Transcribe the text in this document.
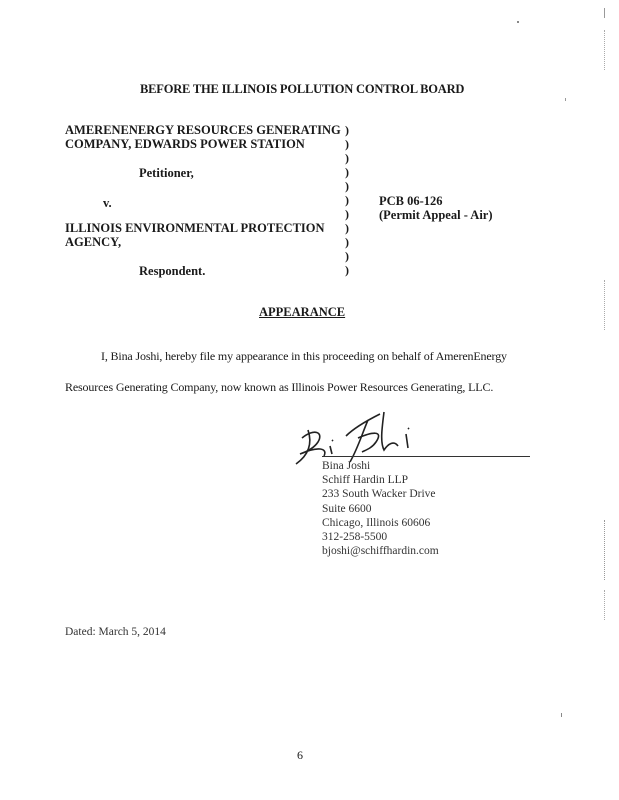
BEFORE THE ILLINOIS POLLUTION CONTROL BOARD
AMERENENERGY RESOURCES GENERATING
COMPANY, EDWARDS POWER STATION
Petitioner,
v.
ILLINOIS ENVIRONMENTAL PROTECTION
AGENCY,
Respondent.
)
)
)
)
)
)
)
)
)
)
)
PCB 06-126
(Permit Appeal - Air)
APPEARANCE
I, Bina Joshi, hereby file my appearance in this proceeding on behalf of AmerenEnergy
Resources Generating Company, now known as Illinois Power Resources Generating, LLC.
Bina Joshi
Schiff Hardin LLP
233 South Wacker Drive
Suite 6600
Chicago, Illinois 60606
312-258-5500
bjoshi@schiffhardin.com
Dated: March 5, 2014
6
